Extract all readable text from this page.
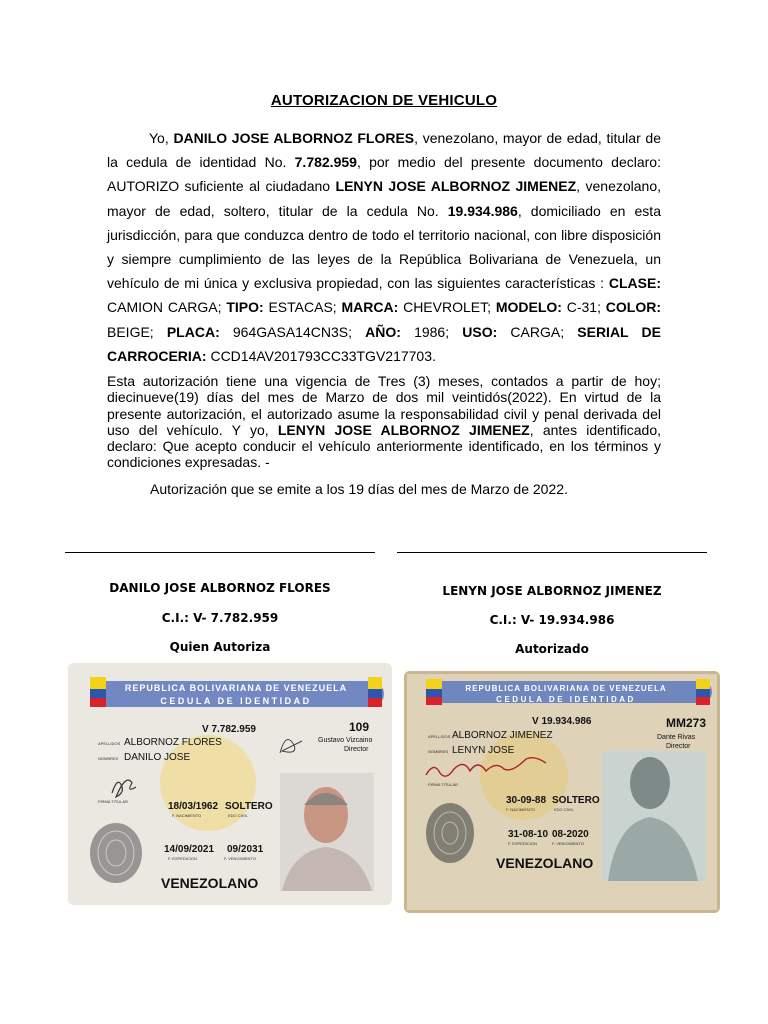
AUTORIZACION DE VEHICULO
Yo, DANILO JOSE ALBORNOZ FLORES, venezolano, mayor de edad, titular de la cedula de identidad No. 7.782.959, por medio del presente documento declaro: AUTORIZO suficiente al ciudadano LENYN JOSE ALBORNOZ JIMENEZ, venezolano, mayor de edad, soltero, titular de la cedula No. 19.934.986, domiciliado en esta jurisdicción, para que conduzca dentro de todo el territorio nacional, con libre disposición y siempre cumplimiento de las leyes de la República Bolivariana de Venezuela, un vehículo de mi única y exclusiva propiedad, con las siguientes características : CLASE: CAMION CARGA; TIPO: ESTACAS; MARCA: CHEVROLET; MODELO: C-31; COLOR: BEIGE; PLACA: 964GASA14CN3S; AÑO: 1986; USO: CARGA; SERIAL DE CARROCERIA: CCD14AV201793CC33TGV217703.
Esta autorización tiene una vigencia de Tres (3) meses, contados a partir de hoy; diecinueve(19) días del mes de Marzo de dos mil veintidós(2022). En virtud de la presente autorización, el autorizado asume la responsabilidad civil y penal derivada del uso del vehículo. Y yo, LENYN JOSE ALBORNOZ JIMENEZ, antes identificado, declaro: Que acepto conducir el vehículo anteriormente identificado, en los términos y condiciones expresadas. -
Autorización que se emite a los 19 días del mes de Marzo de 2022.
DANILO JOSE ALBORNOZ FLORES
C.I.: V- 7.782.959
Quien Autoriza
LENYN JOSE ALBORNOZ JIMENEZ
C.I.: V- 19.934.986
Autorizado
REPUBLICA BOLIVARIANA DE VENEZUELA
CEDULA DE IDENTIDAD
V 7.782.959	109
Gustavo Vizcaino
Director
APELLIDOS ALBORNOZ FLORES
NOMBRES DANILO JOSE
FIRMA TITULAR	18/03/1962 SOLTERO
F. NACIMIENTO	EDO CIVIL
14/09/2021 09/2031
F. EXPEDICION	F. VENCIMIENTO
VENEZOLANO
REPUBLICA BOLIVARIANA DE VENEZUELA
CEDULA DE IDENTIDAD
V 19.934.986	MM273
Dante Rivas
Director
APELLIDOS ALBORNOZ JIMENEZ
NOMBRES LENYN JOSE
FIRMA TITULAR
30-09-88 SOLTERO
F. NACIMIENTO	EDO CIVIL
31-08-10 08-2020
F. EXPEDICION	F. VENCIMIENTO
VENEZOLANO
